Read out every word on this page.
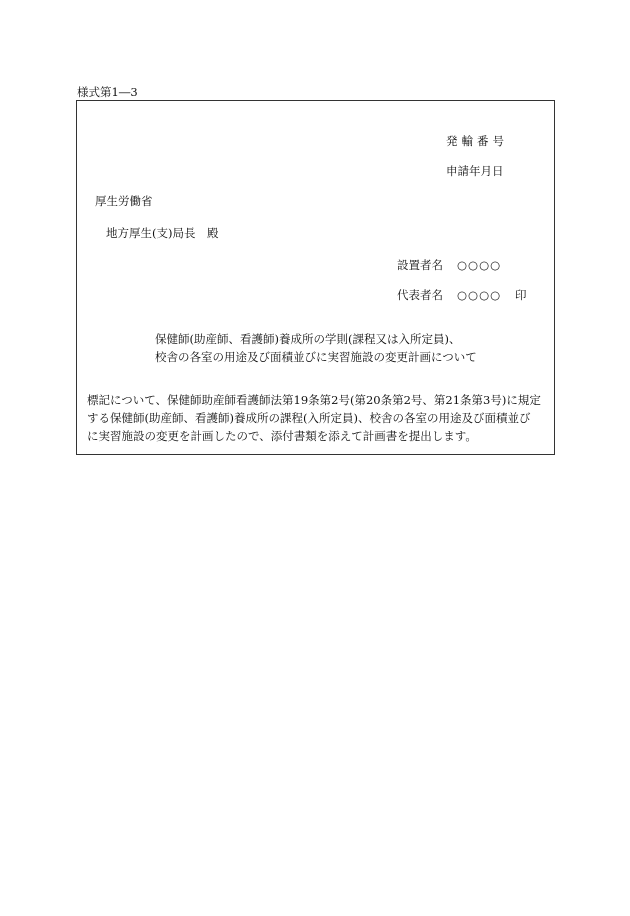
様式第1―3
発輸番号
申請年月日
厚生労働省
地方厚生(支)局長　殿
設置者名 ○○○○
代表者名 ○○○○ 印
保健師(助産師、看護師)養成所の学則(課程又は入所定員)、
校舎の各室の用途及び面積並びに実習施設の変更計画について
標記について、保健師助産師看護師法第19条第2号(第20条第2号、第21条第3号)に規定
する保健師(助産師、看護師)養成所の課程(入所定員)、校舎の各室の用途及び面積並び
に実習施設の変更を計画したので、添付書類を添えて計画書を提出します。
